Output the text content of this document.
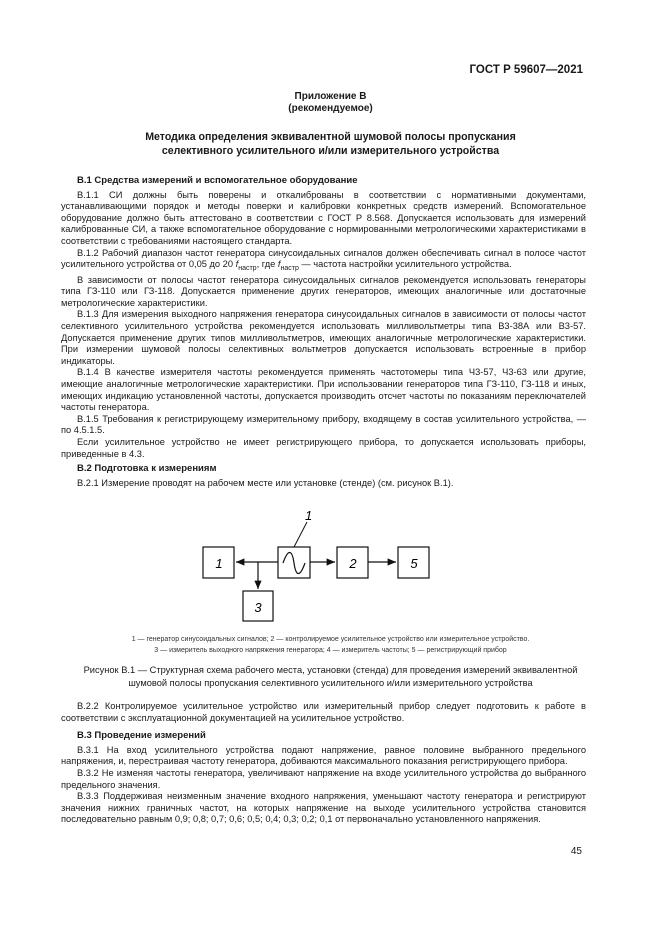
ГОСТ Р 59607—2021
Приложение В
(рекомендуемое)
Методика определения эквивалентной шумовой полосы пропускания
селективного усилительного и/или измерительного устройства
В.1 Средства измерений и вспомогательное оборудование

В.1.1 СИ должны быть поверены и откалиброваны в соответствии с нормативными документами, устанавливающими порядок и методы поверки и калибровки конкретных средств измерений. Вспомогательное оборудование должно быть аттестовано в соответствии с ГОСТ Р 8.568. Допускается использовать для измерений калиброванные СИ, а также вспомогательное оборудование с нормированными метрологическими характеристиками в соответствии с требованиями настоящего стандарта.

В.1.2 Рабочий диапазон частот генератора синусоидальных сигналов должен обеспечивать сигнал в полосе частот усилительного устройства от 0,05 до 20 $f_{настр}$, где $f_{настр}$ — частота настройки усилительного устройства.

В зависимости от полосы частот генератора синусоидальных сигналов рекомендуется использовать генераторы типа ГЗ-110 или ГЗ-118. Допускается применение других генераторов, имеющих аналогичные или достаточные метрологические характеристики.

В.1.3 Для измерения выходного напряжения генератора синусоидальных сигналов в зависимости от полосы частот селективного усилительного устройства рекомендуется использовать милливольтметры типа В3-38А или В3-57. Допускается применение других типов милливольтметров, имеющих аналогичные метрологические характеристики. При измерении шумовой полосы селективных вольтметров допускается использовать встроенные в прибор индикаторы.

В.1.4 В качестве измерителя частоты рекомендуется применять частотомеры типа Ч3-57, Ч3-63 или другие, имеющие аналогичные метрологические характеристики. При использовании генераторов типа ГЗ-110, ГЗ-118 и иных, имеющих индикацию установленной частоты, допускается производить отсчет частоты по показаниям переключателей частоты генератора.

В.1.5 Требования к регистрирующему измерительному прибору, входящему в состав усилительного устройства, — по 4.5.1.5.

Если усилительное устройство не имеет регистрирующего прибора, то допускается использовать приборы, приведенные в 4.3.

В.2 Подготовка к измерениям

В.2.1 Измерение проводят на рабочем месте или установке (стенде) (см. рисунок В.1).

1
1
2	5
3
1 — генератор синусоидальных сигналов; 2 — контролируемое усилительное устройство или измерительное устройство.
3 — измеритель выходного напряжения генератора; 4 — измеритель частоты; 5 — регистрирующий прибор
Рисунок В.1 — Структурная схема рабочего места, установки (стенда) для проведения измерений эквивалентной
шумовой полосы пропускания селективного усилительного и/или измерительного устройства

В.2.2 Контролируемое усилительное устройство или измерительный прибор следует подготовить к работе в соответствии с эксплуатационной документацией на усилительное устройство.

В.3 Проведение измерений

В.3.1 На вход усилительного устройства подают напряжение, равное половине выбранного предельного напряжения, и, перестраивая частоту генератора, добиваются максимального показания регистрирующего прибора.

В.3.2 Не изменяя частоты генератора, увеличивают напряжение на входе усилительного устройства до выбранного предельного значения.

В.3.3 Поддерживая неизменным значение входного напряжения, уменьшают частоту генератора и регистрируют значения нижних граничных частот, на которых напряжение на выходе усилительного устройства становится последовательно равным 0,9; 0,8; 0,7; 0,6; 0,5; 0,4; 0,3; 0,2; 0,1 от первоначально установленного напряжения.

45
